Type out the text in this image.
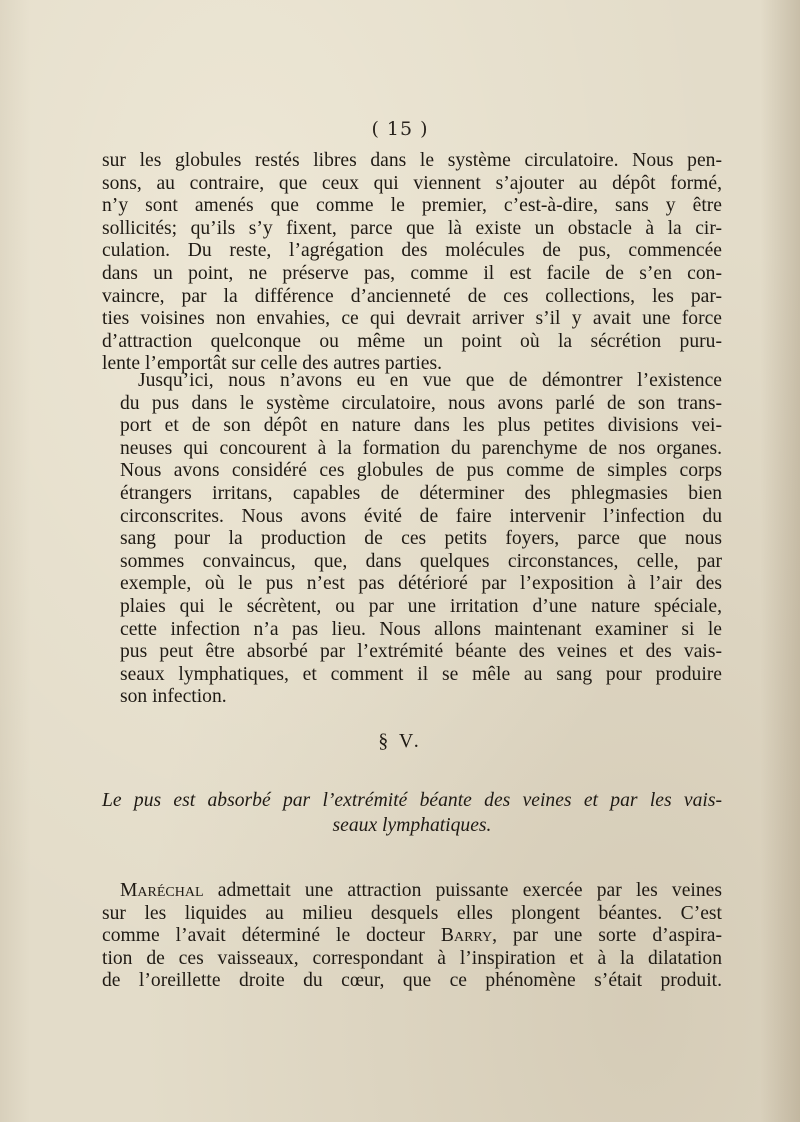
( 15 )
sur les globules restés libres dans le système circulatoire. Nous pen-
sons, au contraire, que ceux qui viennent s’ajouter au dépôt formé,
n’y sont amenés que comme le premier, c’est-à-dire, sans y être
sollicités; qu’ils s’y fixent, parce que là existe un obstacle à la cir-
culation. Du reste, l’agrégation des molécules de pus, commencée
dans un point, ne préserve pas, comme il est facile de s’en con-
vaincre, par la différence d’ancienneté de ces collections, les par-
ties voisines non envahies, ce qui devrait arriver s’il y avait une force
d’attraction quelconque ou même un point où la sécrétion puru-
lente l’emportât sur celle des autres parties.
Jusqu’ici, nous n’avons eu en vue que de démontrer l’existence
du pus dans le système circulatoire, nous avons parlé de son trans-
port et de son dépôt en nature dans les plus petites divisions vei-
neuses qui concourent à la formation du parenchyme de nos organes.
Nous avons considéré ces globules de pus comme de simples corps
étrangers irritans, capables de déterminer des phlegmasies bien
circonscrites. Nous avons évité de faire intervenir l’infection du
sang pour la production de ces petits foyers, parce que nous
sommes convaincus, que, dans quelques circonstances, celle, par
exemple, où le pus n’est pas détérioré par l’exposition à l’air des
plaies qui le sécrètent, ou par une irritation d’une nature spéciale,
cette infection n’a pas lieu. Nous allons maintenant examiner si le
pus peut être absorbé par l’extrémité béante des veines et des vais-
seaux lymphatiques, et comment il se mêle au sang pour produire
son infection.
§ V.
Le pus est absorbé par l’extrémité béante des veines et par les vais-
seaux lymphatiques.
Maréchal admettait une attraction puissante exercée par les veines
sur les liquides au milieu desquels elles plongent béantes. C’est
comme l’avait déterminé le docteur Barry, par une sorte d’aspira-
tion de ces vaisseaux, correspondant à l’inspiration et à la dilatation
de l’oreillette droite du cœur, que ce phénomène s’était produit.
